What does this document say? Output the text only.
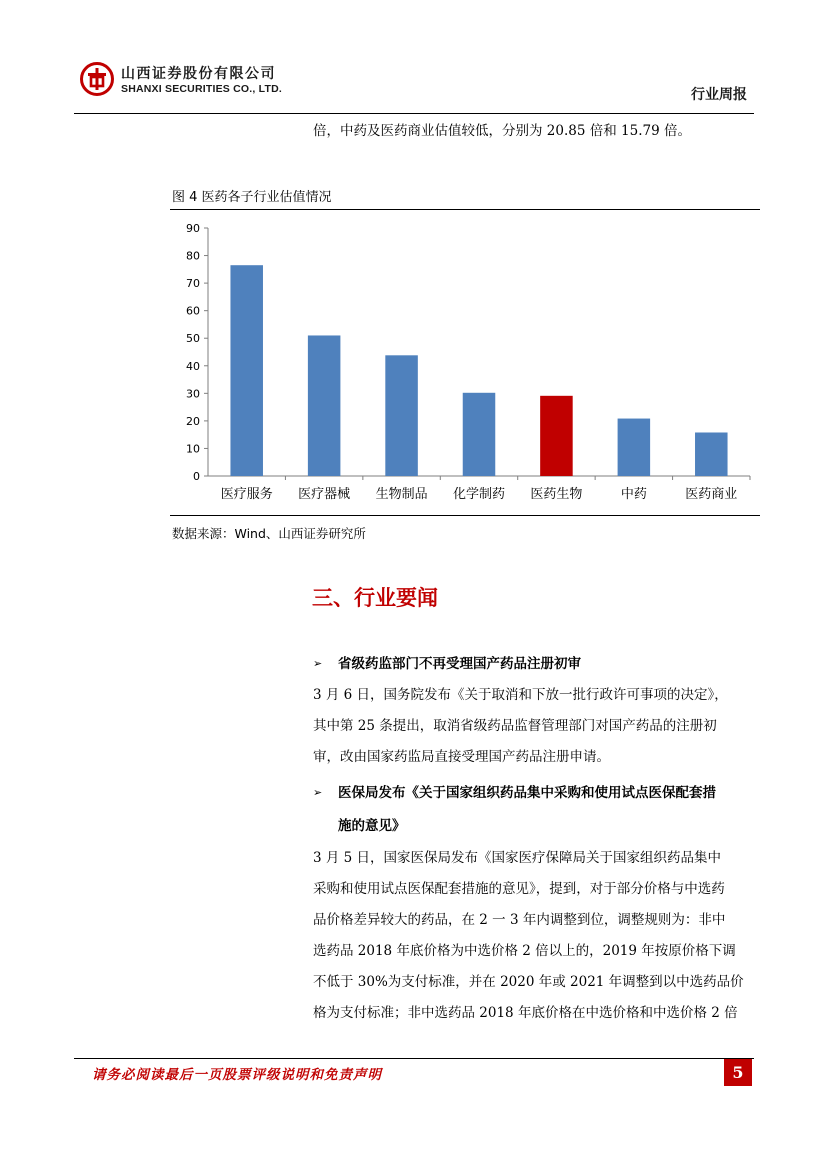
山西证券股份有限公司
SHANXI SECURITIES CO., LTD.	行业周报
倍，中药及医药商业估值较低，分别为 20.85 倍和 15.79 倍。
图 4 医药各子行业估值情况
0
10
20
30
40
50
60
70
80
90
医疗服务 医疗器械 生物制品 化学制药 医药生物	中药	医药商业
数据来源：Wind、山西证券研究所
三、行业要闻
➢ 省级药监部门不再受理国产药品注册初审
3 月 6 日，国务院发布《关于取消和下放一批行政许可事项的决定》，
其中第 25 条提出，取消省级药品监督管理部门对国产药品的注册初
审，改由国家药监局直接受理国产药品注册申请。
➢ 医保局发布《关于国家组织药品集中采购和使用试点医保配套措
施的意见》
3 月 5 日，国家医保局发布《国家医疗保障局关于国家组织药品集中
采购和使用试点医保配套措施的意见》，提到，对于部分价格与中选药
品价格差异较大的药品，在 2 一 3 年内调整到位，调整规则为：非中
选药品 2018 年底价格为中选价格 2 倍以上的，2019 年按原价格下调
不低于 30%为支付标准，并在 2020 年或 2021 年调整到以中选药品价
格为支付标准；非中选药品 2018 年底价格在中选价格和中选价格 2 倍
请务必阅读最后一页股票评级说明和免责声明	5
